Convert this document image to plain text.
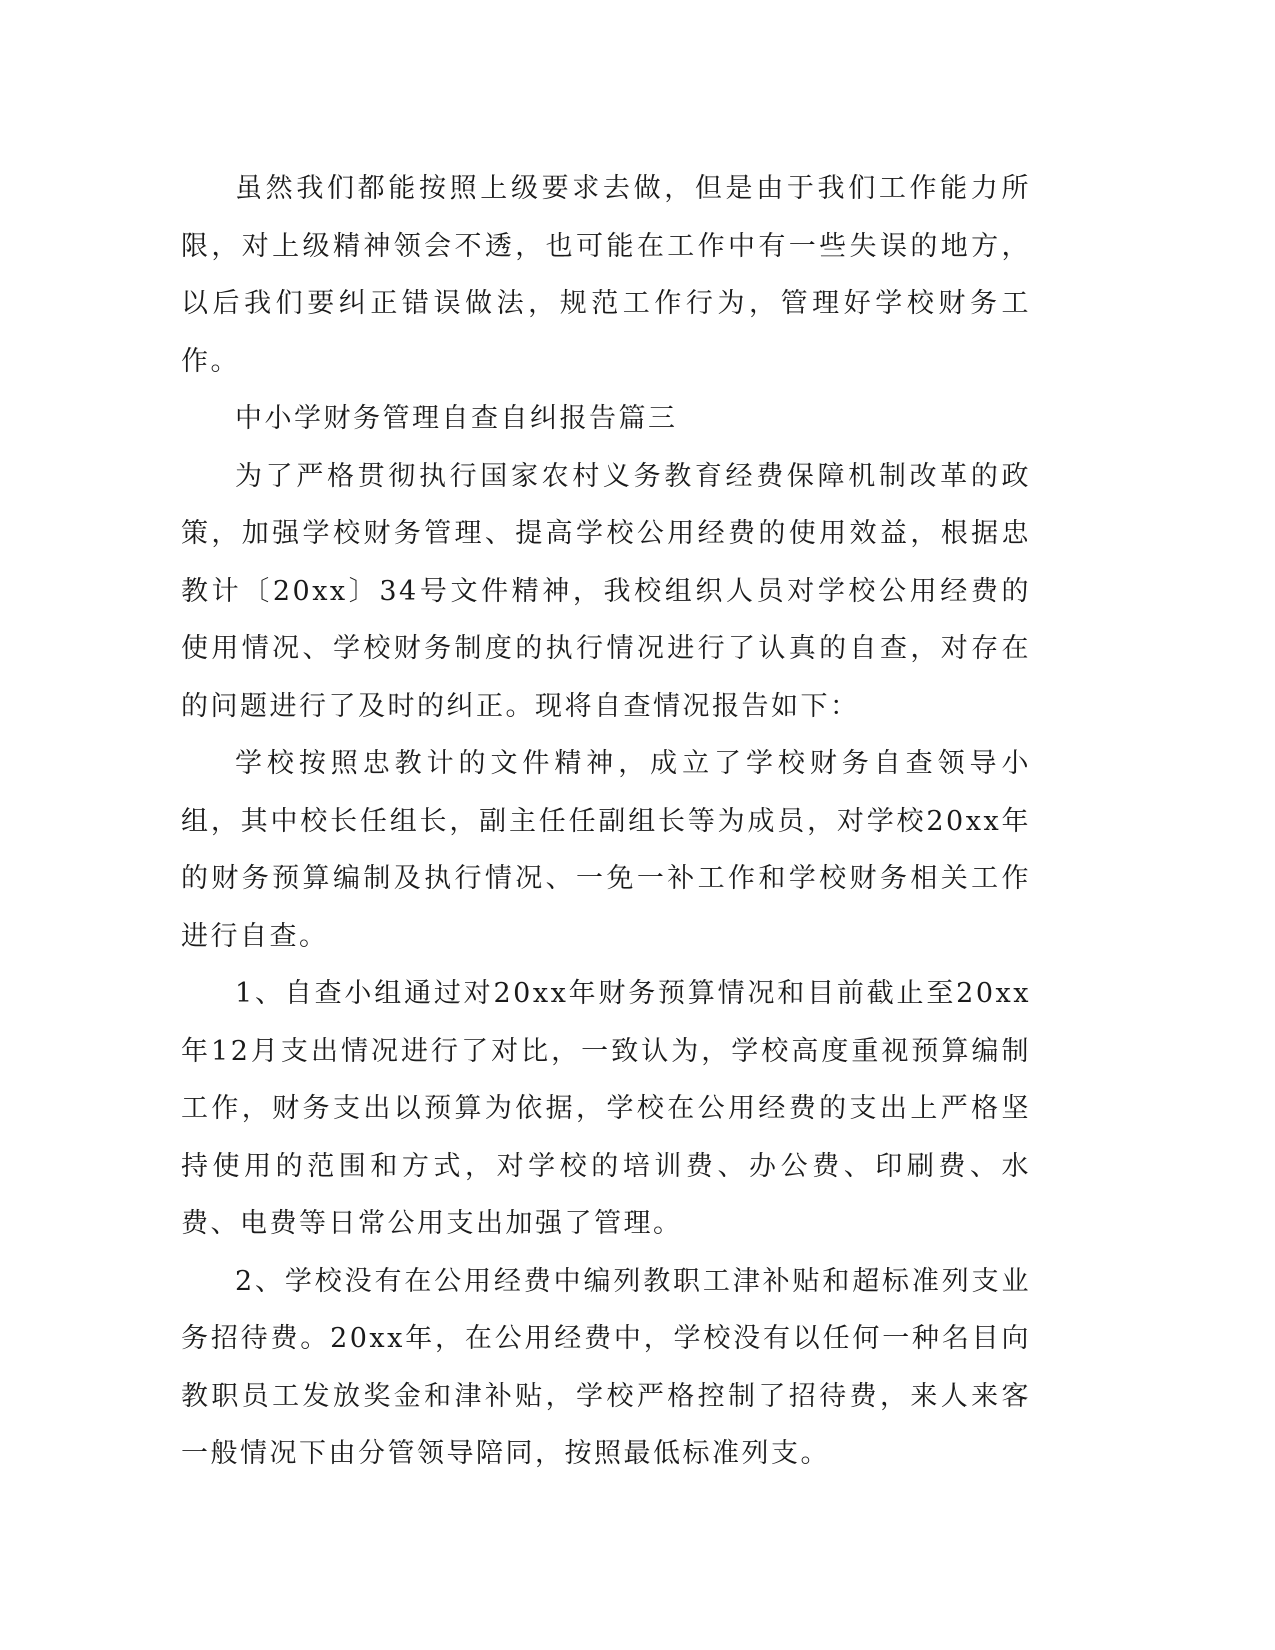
虽然我们都能按照上级要求去做，但是由于我们工作能力所限，对上级精神领会不透，也可能在工作中有一些失误的地方，以后我们要纠正错误做法，规范工作行为，管理好学校财务工作。

中小学财务管理自查自纠报告篇三

为了严格贯彻执行国家农村义务教育经费保障机制改革的政策，加强学校财务管理、提高学校公用经费的使用效益，根据忠教计〔20xx〕34号文件精神，我校组织人员对学校公用经费的使用情况、学校财务制度的执行情况进行了认真的自查，对存在的问题进行了及时的纠正。现将自查情况报告如下：

学校按照忠教计的文件精神，成立了学校财务自查领导小组，其中校长任组长，副主任任副组长等为成员，对学校20xx年的财务预算编制及执行情况、一免一补工作和学校财务相关工作进行自查。

1、自查小组通过对20xx年财务预算情况和目前截止至20xx年12月支出情况进行了对比，一致认为，学校高度重视预算编制工作，财务支出以预算为依据，学校在公用经费的支出上严格坚持使用的范围和方式，对学校的培训费、办公费、印刷费、水费、电费等日常公用支出加强了管理。

2、学校没有在公用经费中编列教职工津补贴和超标准列支业务招待费。20xx年，在公用经费中，学校没有以任何一种名目向教职员工发放奖金和津补贴，学校严格控制了招待费，来人来客一般情况下由分管领导陪同，按照最低标准列支。
